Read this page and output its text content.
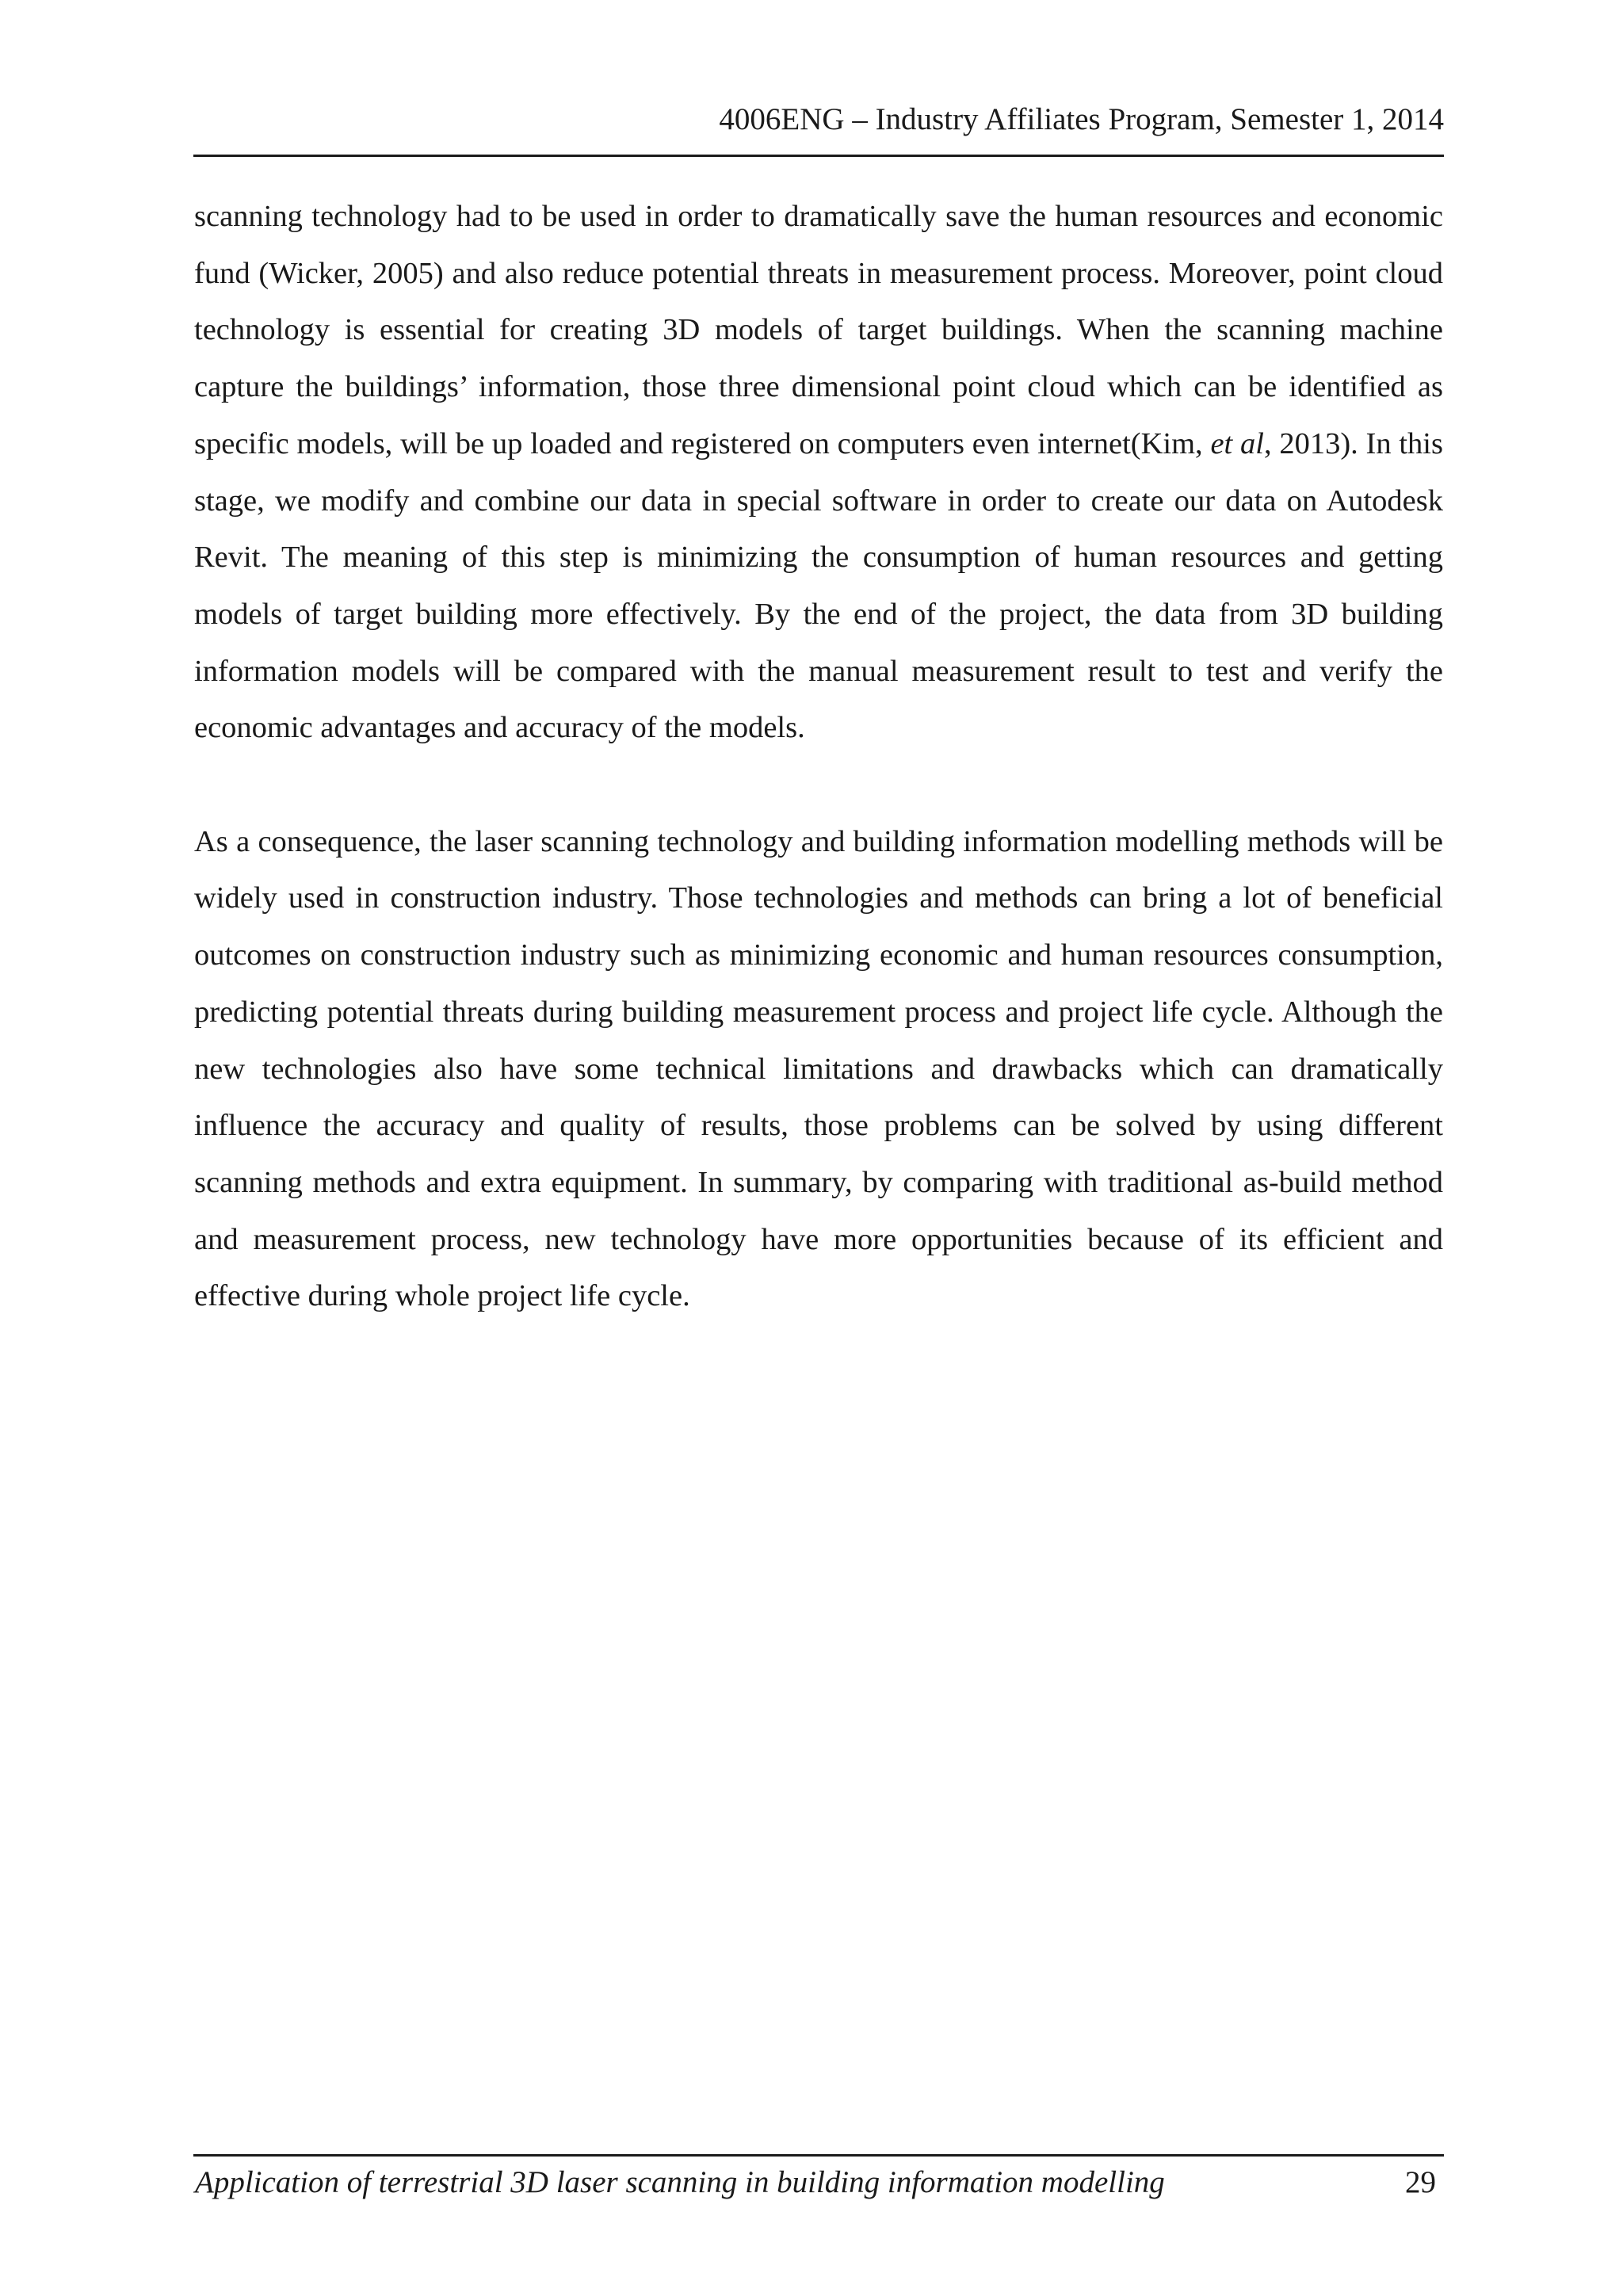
4006ENG – Industry Affiliates Program, Semester 1, 2014

scanning technology had to be used in order to dramatically save the human resources and economic fund (Wicker, 2005) and also reduce potential threats in measurement process. Moreover, point cloud technology is essential for creating 3D models of target buildings. When the scanning machine capture the buildings’ information, those three dimensional point cloud which can be identified as specific models, will be up loaded and registered on computers even internet(Kim, et al, 2013). In this stage, we modify and combine our data in special software in order to create our data on Autodesk Revit. The meaning of this step is minimizing the consumption of human resources and getting models of target building more effectively. By the end of the project, the data from 3D building information models will be compared with the manual measurement result to test and verify the economic advantages and accuracy of the models.

As a consequence, the laser scanning technology and building information modelling methods will be widely used in construction industry. Those technologies and methods can bring a lot of beneficial outcomes on construction industry such as minimizing economic and human resources consumption, predicting potential threats during building measurement process and project life cycle. Although the new technologies also have some technical limitations and drawbacks which can dramatically influence the accuracy and quality of results, those problems can be solved by using different scanning methods and extra equipment. In summary, by comparing with traditional as-build method and measurement process, new technology have more opportunities because of its efficient and effective during whole project life cycle.

Application of terrestrial 3D laser scanning in building information modelling	29
